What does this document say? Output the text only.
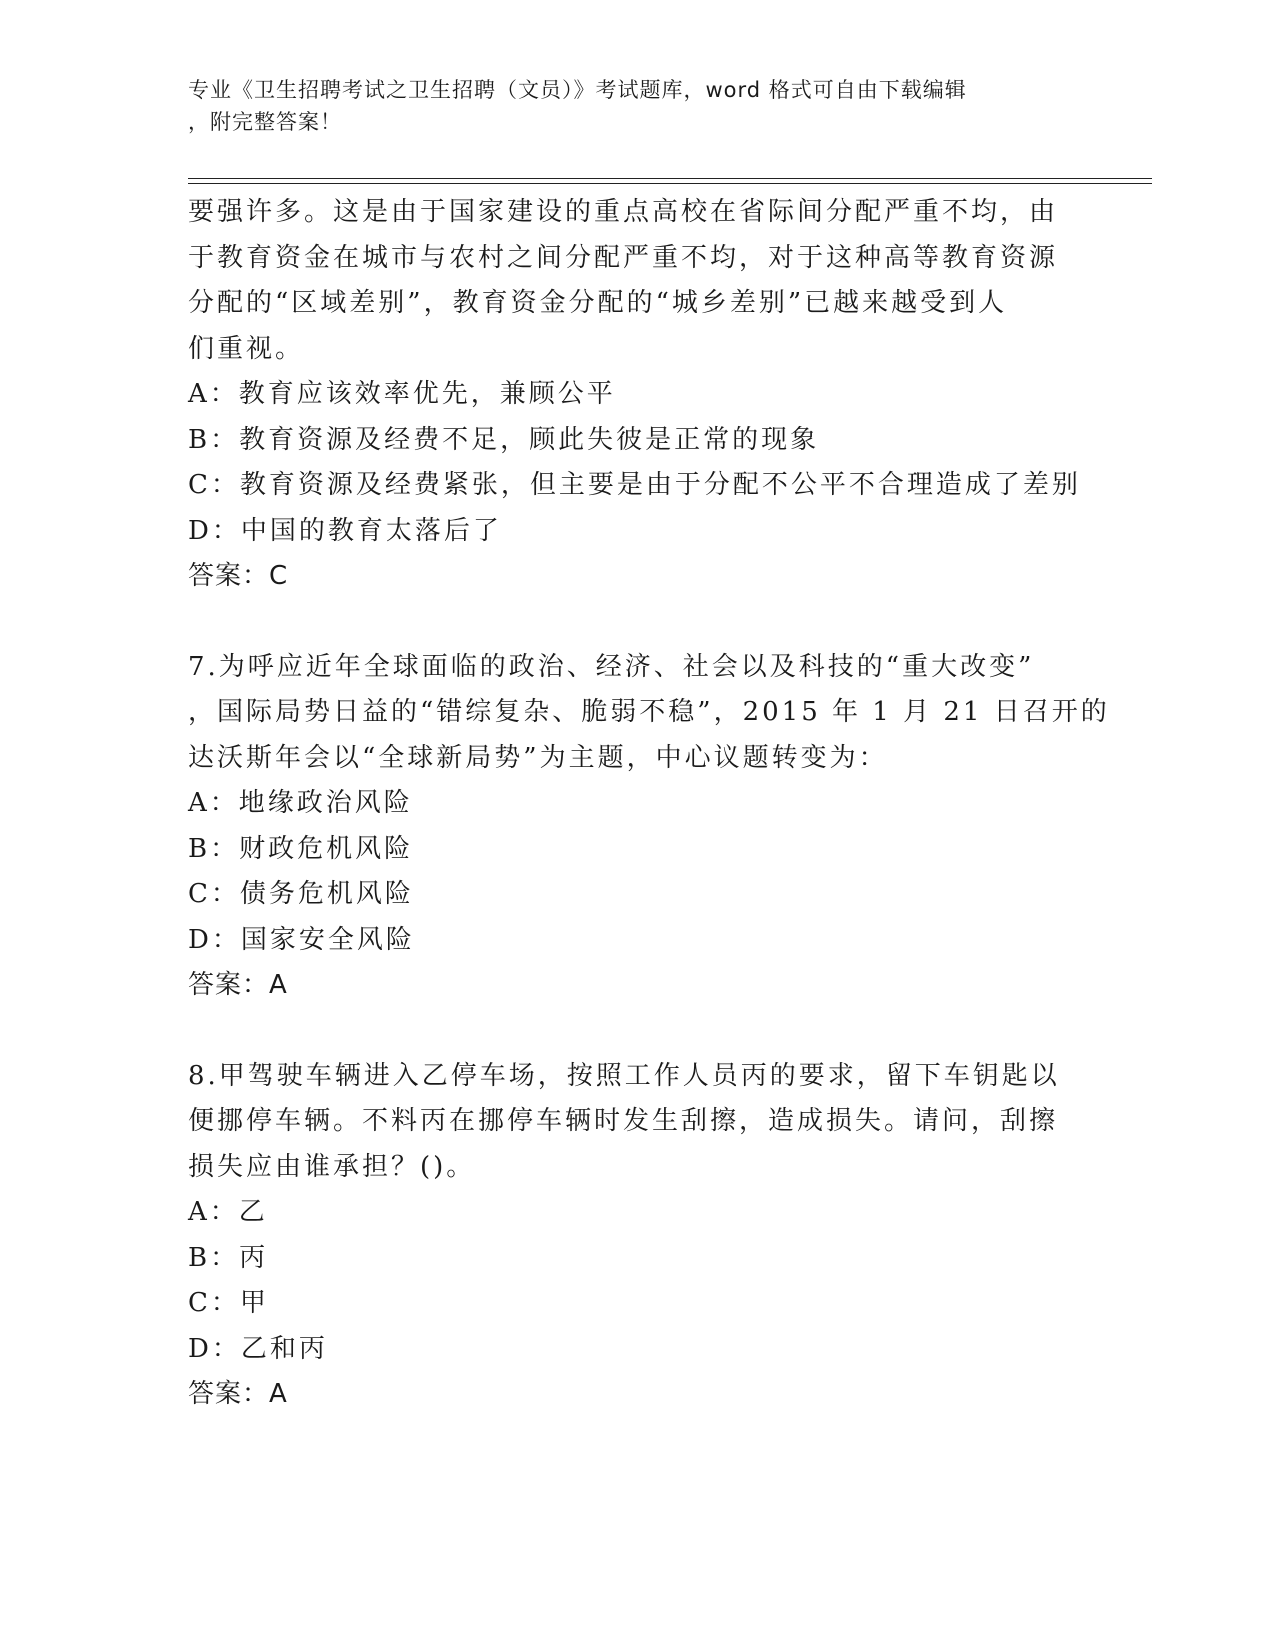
专业《卫生招聘考试之卫生招聘（文员）》考试题库，word 格式可自由下载编辑
，附完整答案！
要强许多。这是由于国家建设的重点高校在省际间分配严重不均，由
于教育资金在城市与农村之间分配严重不均，对于这种高等教育资源
分配的“区域差别”，教育资金分配的“城乡差别”已越来越受到人
们重视。
A：教育应该效率优先，兼顾公平
B：教育资源及经费不足，顾此失彼是正常的现象
C：教育资源及经费紧张，但主要是由于分配不公平不合理造成了差别
D：中国的教育太落后了
答案：C
7.为呼应近年全球面临的政治、经济、社会以及科技的“重大改变”
，国际局势日益的“错综复杂、脆弱不稳”，2015 年 1 月 21 日召开的
达沃斯年会以“全球新局势”为主题，中心议题转变为：
A：地缘政治风险
B：财政危机风险
C：债务危机风险
D：国家安全风险
答案：A
8.甲驾驶车辆进入乙停车场，按照工作人员丙的要求，留下车钥匙以
便挪停车辆。不料丙在挪停车辆时发生刮擦，造成损失。请问，刮擦
损失应由谁承担？()。
A：乙
B：丙
C：甲
D：乙和丙
答案：A
